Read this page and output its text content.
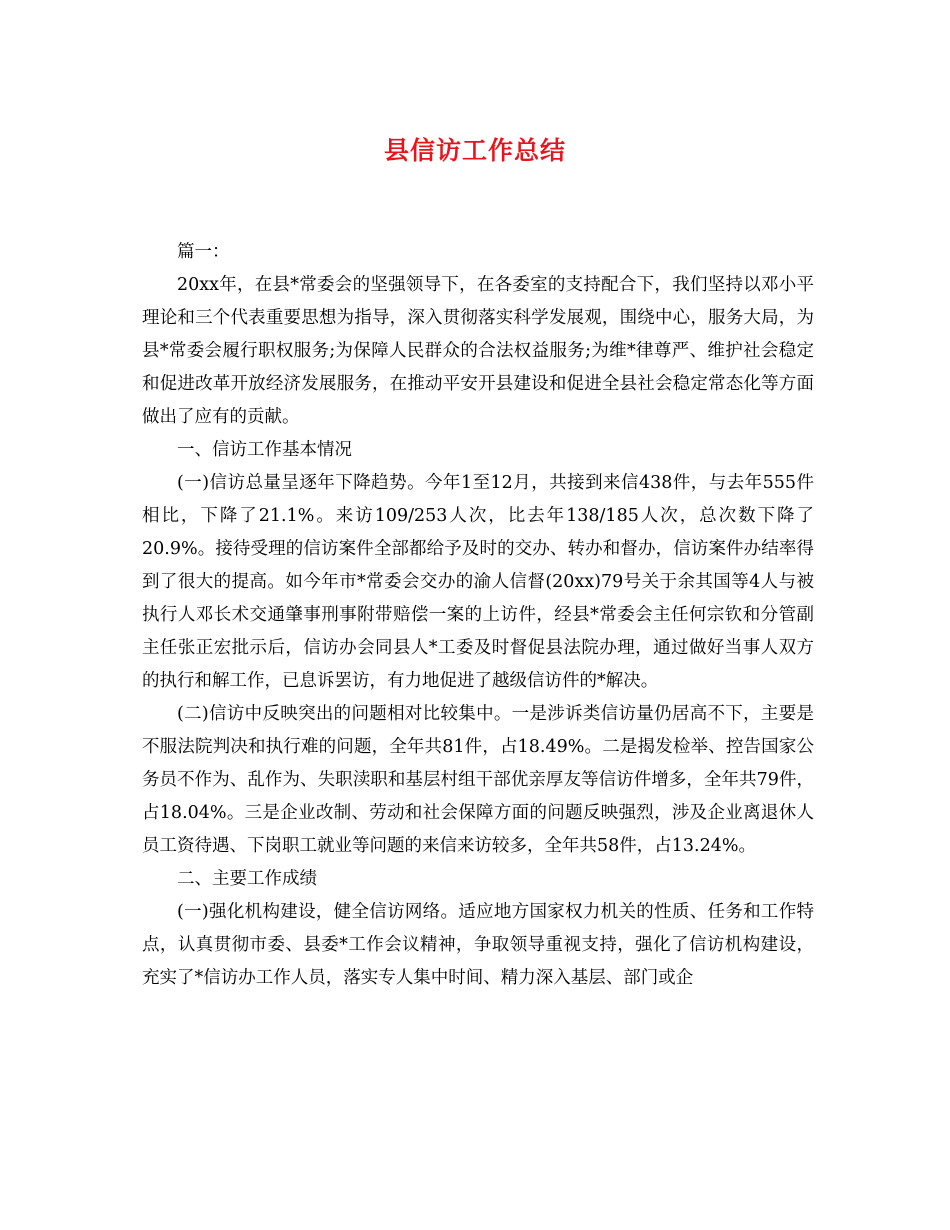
县信访工作总结

篇一：

20xx年，在县*常委会的坚强领导下，在各委室的支持配合下，我们坚持以邓小平理论和三个代表重要思想为指导，深入贯彻落实科学发展观，围绕中心，服务大局，为县*常委会履行职权服务;为保障人民群众的合法权益服务;为维*律尊严、维护社会稳定和促进改革开放经济发展服务，在推动平安开县建设和促进全县社会稳定常态化等方面做出了应有的贡献。

一、信访工作基本情况

(一)信访总量呈逐年下降趋势。今年1至12月，共接到来信438件，与去年555件相比，下降了21.1%。来访109/253人次，比去年138/185人次，总次数下降了20.9%。接待受理的信访案件全部都给予及时的交办、转办和督办，信访案件办结率得到了很大的提高。如今年市*常委会交办的渝人信督(20xx)79号关于余其国等4人与被执行人邓长术交通肇事刑事附带赔偿一案的上访件，经县*常委会主任何宗钦和分管副主任张正宏批示后，信访办会同县人*工委及时督促县法院办理，通过做好当事人双方的执行和解工作，已息诉罢访，有力地促进了越级信访件的*解决。

(二)信访中反映突出的问题相对比较集中。一是涉诉类信访量仍居高不下，主要是不服法院判决和执行难的问题，全年共81件，占18.49%。二是揭发检举、控告国家公务员不作为、乱作为、失职渎职和基层村组干部优亲厚友等信访件增多，全年共79件，占18.04%。三是企业改制、劳动和社会保障方面的问题反映强烈，涉及企业离退休人员工资待遇、下岗职工就业等问题的来信来访较多，全年共58件，占13.24%。

二、主要工作成绩

(一)强化机构建设，健全信访网络。适应地方国家权力机关的性质、任务和工作特点，认真贯彻市委、县委*工作会议精神，争取领导重视支持，强化了信访机构建设，充实了*信访办工作人员，落实专人集中时间、精力深入基层、部门或企
